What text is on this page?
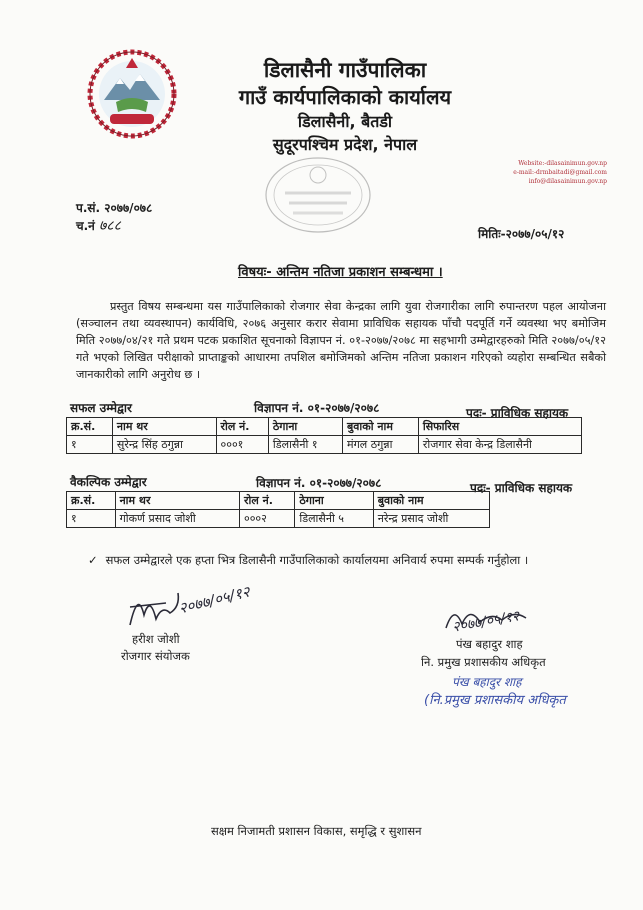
डिलासैनी गाउँपालिका
गाउँ कार्यपालिकाको कार्यालय
डिलासैनी, बैतडी
सुदूरपश्चिम प्रदेश, नेपाल
Website:-dilasainimun.gov.np
e-mail:-drmbaitadi@gmail.com
info@dilasainimun.gov.np
प.सं. २०७७/०७८
च.नं ७८८	मितिः-२०७७/०५/१२
विषयः- अन्तिम नतिजा प्रकाशन सम्बन्धमा ।
प्रस्तुत विषय सम्बन्धमा यस गाउँपालिकाको रोजगार सेवा केन्द्रका लागि युवा रोजगारीका लागि रुपान्तरण पहल आयोजना (सञ्चालन तथा व्यवस्थापन) कार्यविधि, २०७६ अनुसार करार सेवामा प्राविधिक सहायक पाँचौ पदपूर्ति गर्ने व्यवस्था भए बमोजिम मिति २०७७/०४/२१ गते प्रथम पटक प्रकाशित सूचनाको विज्ञापन नं. ०१-२०७७/२०७८ मा सहभागी उम्मेद्वारहरुको मिति २०७७/०५/१२ गते भएको लिखित परीक्षाको प्राप्ताङ्कको आधारमा तपशिल बमोजिमको अन्तिम नतिजा प्रकाशन गरिएको व्यहोरा सम्बन्धित सबैको जानकारीको लागि अनुरोध छ ।
सफल उम्मेद्वार	विज्ञापन नं. ०१-२०७७/२०७८	पदः- प्राविधिक सहायक
क्र.सं.	नाम थर	रोल नं.	ठेगाना	बुवाको नाम	सिफारिस
१	सुरेन्द्र सिंह ठगुन्ना	०००१	डिलासैनी १	मंगल ठगुन्ना	रोजगार सेवा केन्द्र डिलासैनी
वैकल्पिक उम्मेद्वार	विज्ञापन नं. ०१-२०७७/२०७८	पदः- प्राविधिक सहायक
क्र.सं.	नाम थर	रोल नं.	ठेगाना	बुवाको नाम
१	गोकर्ण प्रसाद जोशी	०००२	डिलासैनी ५	नरेन्द्र प्रसाद जोशी
✓ सफल उम्मेद्वारले एक हप्ता भित्र डिलासैनी गाउँपालिकाको कार्यालयमा अनिवार्य रुपमा सम्पर्क गर्नुहोला ।
२०७७/०५/१२
हरीश जोशी
रोजगार संयोजक
२०७७/०५/१२
पंख बहादुर शाह
नि. प्रमुख प्रशासकीय अधिकृत
पंख बहादुर शाह
(नि.प्रमुख प्रशासकीय अधिकृत
सक्षम निजामती प्रशासन विकास, समृद्धि र सुशासन
